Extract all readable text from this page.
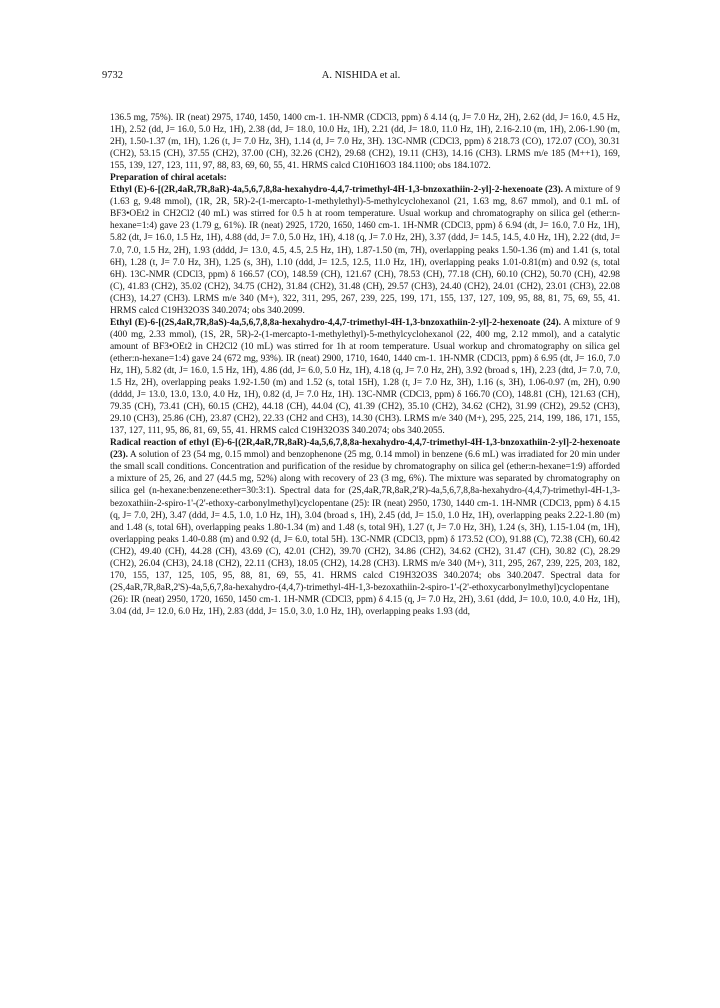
9732	A. NISHIDA et al.

136.5 mg, 75%). IR (neat) 2975, 1740, 1450, 1400 cm-1. 1H-NMR (CDCl3, ppm) δ 4.14 (q, J= 7.0 Hz, 2H), 2.62 (dd, J= 16.0, 4.5 Hz, 1H), 2.52 (dd, J= 16.0, 5.0 Hz, 1H), 2.38 (dd, J= 18.0, 10.0 Hz, 1H), 2.21 (dd, J= 18.0, 11.0 Hz, 1H), 2.16-2.10 (m, 1H), 2.06-1.90 (m, 2H), 1.50-1.37 (m, 1H), 1.26 (t, J= 7.0 Hz, 3H), 1.14 (d, J= 7.0 Hz, 3H). 13C-NMR (CDCl3, ppm) δ 218.73 (CO), 172.07 (CO), 30.31 (CH2), 53.15 (CH), 37.55 (CH2), 37.00 (CH), 32.26 (CH2), 29.68 (CH2), 19.11 (CH3), 14.16 (CH3). LRMS m/e 185 (M++1), 169, 155, 139, 127, 123, 111, 97, 88, 83, 69, 60, 55, 41. HRMS calcd C10H16O3 184.1100; obs 184.1072.

Preparation of chiral acetals:

Ethyl (E)-6-[(2R,4aR,7R,8aR)-4a,5,6,7,8,8a-hexahydro-4,4,7-trimethyl-4H-1,3-bnzoxathiin-2-yl]-2-hexenoate (23). A mixture of 9 (1.63 g, 9.48 mmol), (1R, 2R, 5R)-2-(1-mercapto-1-methylethyl)-5-methylcyclohexanol (21, 1.63 mg, 8.67 mmol), and 0.1 mL of BF3•OEt2 in CH2Cl2 (40 mL) was stirred for 0.5 h at room temperature. Usual workup and chromatography on silica gel (ether:n-hexane=1:4) gave 23 (1.79 g, 61%). IR (neat) 2925, 1720, 1650, 1460 cm-1. 1H-NMR (CDCl3, ppm) δ 6.94 (dt, J= 16.0, 7.0 Hz, 1H), 5.82 (dt, J= 16.0, 1.5 Hz, 1H), 4.88 (dd, J= 7.0, 5.0 Hz, 1H), 4.18 (q, J= 7.0 Hz, 2H), 3.37 (ddd, J= 14.5, 14.5, 4.0 Hz, 1H), 2.22 (dtd, J= 7.0, 7.0, 1.5 Hz, 2H), 1.93 (dddd, J= 13.0, 4.5, 4.5, 2.5 Hz, 1H), 1.87-1.50 (m, 7H), overlapping peaks 1.50-1.36 (m) and 1.41 (s, total 6H), 1.28 (t, J= 7.0 Hz, 3H), 1.25 (s, 3H), 1.10 (ddd, J= 12.5, 12.5, 11.0 Hz, 1H), overlapping peaks 1.01-0.81(m) and 0.92 (s, total 6H). 13C-NMR (CDCl3, ppm) δ 166.57 (CO), 148.59 (CH), 121.67 (CH), 78.53 (CH), 77.18 (CH), 60.10 (CH2), 50.70 (CH), 42.98 (C), 41.83 (CH2), 35.02 (CH2), 34.75 (CH2), 31.84 (CH2), 31.48 (CH), 29.57 (CH3), 24.40 (CH2), 24.01 (CH2), 23.01 (CH3), 22.08 (CH3), 14.27 (CH3). LRMS m/e 340 (M+), 322, 311, 295, 267, 239, 225, 199, 171, 155, 137, 127, 109, 95, 88, 81, 75, 69, 55, 41. HRMS calcd C19H32O3S 340.2074; obs 340.2099.

Ethyl (E)-6-[(2S,4aR,7R,8aS)-4a,5,6,7,8,8a-hexahydro-4,4,7-trimethyl-4H-1,3-bnzoxathiin-2-yl]-2-hexenoate (24). A mixture of 9 (400 mg, 2.33 mmol), (1S, 2R, 5R)-2-(1-mercapto-1-methylethyl)-5-methylcyclohexanol (22, 400 mg, 2.12 mmol), and a catalytic amount of BF3•OEt2 in CH2Cl2 (10 mL) was stirred for 1h at room temperature. Usual workup and chromatography on silica gel (ether:n-hexane=1:4) gave 24 (672 mg, 93%). IR (neat) 2900, 1710, 1640, 1440 cm-1. 1H-NMR (CDCl3, ppm) δ 6.95 (dt, J= 16.0, 7.0 Hz, 1H), 5.82 (dt, J= 16.0, 1.5 Hz, 1H), 4.86 (dd, J= 6.0, 5.0 Hz, 1H), 4.18 (q, J= 7.0 Hz, 2H), 3.92 (broad s, 1H), 2.23 (dtd, J= 7.0, 7.0, 1.5 Hz, 2H), overlapping peaks 1.92-1.50 (m) and 1.52 (s, total 15H), 1.28 (t, J= 7.0 Hz, 3H), 1.16 (s, 3H), 1.06-0.97 (m, 2H), 0.90 (dddd, J= 13.0, 13.0, 13.0, 4.0 Hz, 1H), 0.82 (d, J= 7.0 Hz, 1H). 13C-NMR (CDCl3, ppm) δ 166.70 (CO), 148.81 (CH), 121.63 (CH), 79.35 (CH), 73.41 (CH), 60.15 (CH2), 44.18 (CH), 44.04 (C), 41.39 (CH2), 35.10 (CH2), 34.62 (CH2), 31.99 (CH2), 29.52 (CH3), 29.10 (CH3), 25.86 (CH), 23.87 (CH2), 22.33 (CH2 and CH3), 14.30 (CH3). LRMS m/e 340 (M+), 295, 225, 214, 199, 186, 171, 155, 137, 127, 111, 95, 86, 81, 69, 55, 41. HRMS calcd C19H32O3S 340.2074; obs 340.2055.

Radical reaction of ethyl (E)-6-[(2R,4aR,7R,8aR)-4a,5,6,7,8,8a-hexahydro-4,4,7-trimethyl-4H-1,3-bnzoxathiin-2-yl]-2-hexenoate (23). A solution of 23 (54 mg, 0.15 mmol) and benzophenone (25 mg, 0.14 mmol) in benzene (6.6 mL) was irradiated for 20 min under the small scall conditions. Concentration and purification of the residue by chromatography on silica gel (ether:n-hexane=1:9) afforded a mixture of 25, 26, and 27 (44.5 mg, 52%) along with recovery of 23 (3 mg, 6%). The mixture was separated by chromatography on silica gel (n-hexane:benzene:ether=30:3:1). Spectral data for (2S,4aR,7R,8aR,2'R)-4a,5,6,7,8,8a-hexahydro-(4,4,7)-trimethyl-4H-1,3-bezoxathiin-2-spiro-1'-(2'-ethoxy-carbonylmethyl)cyclopentane (25): IR (neat) 2950, 1730, 1440 cm-1. 1H-NMR (CDCl3, ppm) δ 4.15 (q, J= 7.0, 2H), 3.47 (ddd, J= 4.5, 1.0, 1.0 Hz, 1H), 3.04 (broad s, 1H), 2.45 (dd, J= 15.0, 1.0 Hz, 1H), overlapping peaks 2.22-1.80 (m) and 1.48 (s, total 6H), overlapping peaks 1.80-1.34 (m) and 1.48 (s, total 9H), 1.27 (t, J= 7.0 Hz, 3H), 1.24 (s, 3H), 1.15-1.04 (m, 1H), overlapping peaks 1.40-0.88 (m) and 0.92 (d, J= 6.0, total 5H). 13C-NMR (CDCl3, ppm) δ 173.52 (CO), 91.88 (C), 72.38 (CH), 60.42 (CH2), 49.40 (CH), 44.28 (CH), 43.69 (C), 42.01 (CH2), 39.70 (CH2), 34.86 (CH2), 34.62 (CH2), 31.47 (CH), 30.82 (C), 28.29 (CH2), 26.04 (CH3), 24.18 (CH2), 22.11 (CH3), 18.05 (CH2), 14.28 (CH3). LRMS m/e 340 (M+), 311, 295, 267, 239, 225, 203, 182, 170, 155, 137, 125, 105, 95, 88, 81, 69, 55, 41. HRMS calcd C19H32O3S 340.2074; obs 340.2047. Spectral data for (2S,4aR,7R,8aR,2'S)-4a,5,6,7,8a-hexahydro-(4,4,7)-trimethyl-4H-1,3-bezoxathiin-2-spiro-1'-(2'-ethoxycarbonylmethyl)cyclopentane (26): IR (neat) 2950, 1720, 1650, 1450 cm-1. 1H-NMR (CDCl3, ppm) δ 4.15 (q, J= 7.0 Hz, 2H), 3.61 (ddd, J= 10.0, 10.0, 4.0 Hz, 1H), 3.04 (dd, J= 12.0, 6.0 Hz, 1H), 2.83 (ddd, J= 15.0, 3.0, 1.0 Hz, 1H), overlapping peaks 1.93 (dd,
